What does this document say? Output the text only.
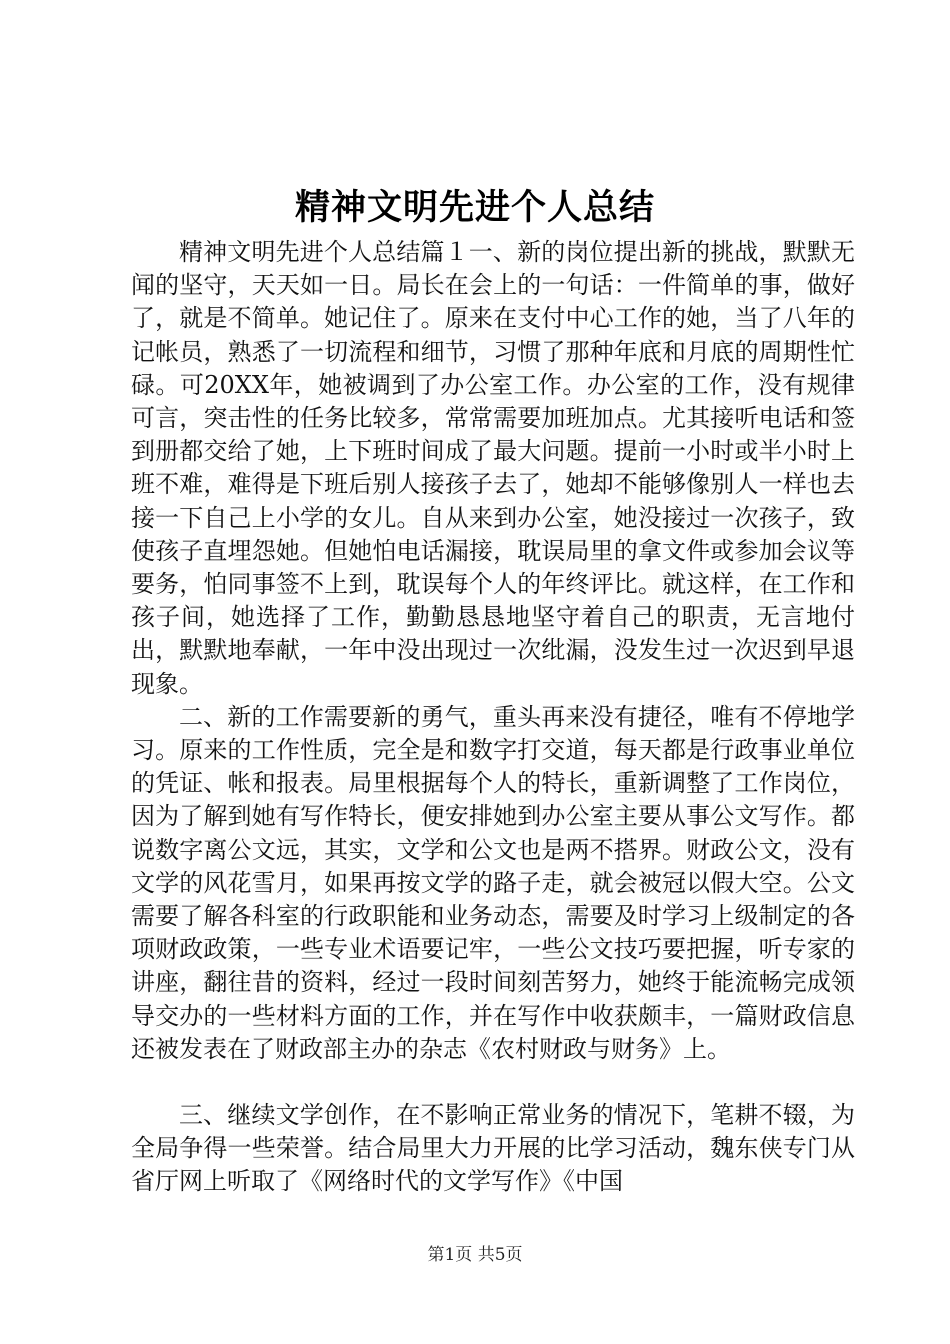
精神文明先进个人总结

精神文明先进个人总结篇１一、新的岗位提出新的挑战，默默无闻的坚守，天天如一日。局长在会上的一句话：一件简单的事，做好了，就是不简单。她记住了。原来在支付中心工作的她，当了八年的记帐员，熟悉了一切流程和细节，习惯了那种年底和月底的周期性忙碌。可20XX年，她被调到了办公室工作。办公室的工作，没有规律可言，突击性的任务比较多，常常需要加班加点。尤其接听电话和签到册都交给了她，上下班时间成了最大问题。提前一小时或半小时上班不难，难得是下班后别人接孩子去了，她却不能够像别人一样也去接一下自己上小学的女儿。自从来到办公室，她没接过一次孩子，致使孩子直埋怨她。但她怕电话漏接，耽误局里的拿文件或参加会议等要务，怕同事签不上到，耽误每个人的年终评比。就这样，在工作和孩子间，她选择了工作，勤勤恳恳地坚守着自己的职责，无言地付出，默默地奉献，一年中没出现过一次纰漏，没发生过一次迟到早退现象。

二、新的工作需要新的勇气，重头再来没有捷径，唯有不停地学习。原来的工作性质，完全是和数字打交道，每天都是行政事业单位的凭证、帐和报表。局里根据每个人的特长，重新调整了工作岗位，因为了解到她有写作特长，便安排她到办公室主要从事公文写作。都说数字离公文远，其实，文学和公文也是两不搭界。财政公文，没有文学的风花雪月，如果再按文学的路子走，就会被冠以假大空。公文需要了解各科室的行政职能和业务动态，需要及时学习上级制定的各项财政政策，一些专业术语要记牢，一些公文技巧要把握，听专家的讲座，翻往昔的资料，经过一段时间刻苦努力，她终于能流畅完成领导交办的一些材料方面的工作，并在写作中收获颇丰，一篇财政信息还被发表在了财政部主办的杂志《农村财政与财务》上。

三、继续文学创作，在不影响正常业务的情况下，笔耕不辍，为全局争得一些荣誉。结合局里大力开展的比学习活动，魏东侠专门从省厅网上听取了《网络时代的文学写作》《中国

第1页 共5页
